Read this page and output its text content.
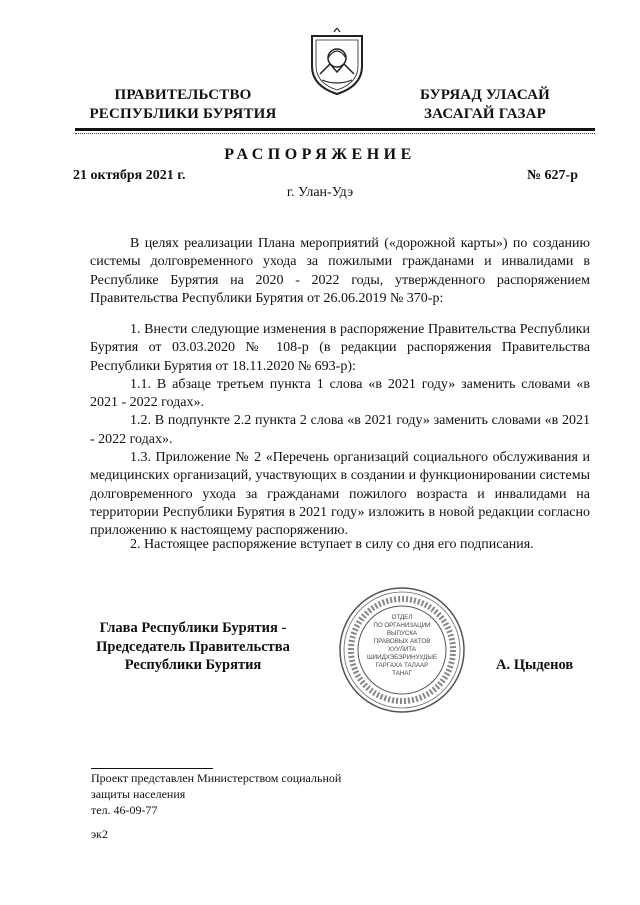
ПРАВИТЕЛЬСТВО
РЕСПУБЛИКИ БУРЯТИЯ
БУРЯАД УЛАСАЙ
ЗАСАГАЙ ГАЗАР
РАСПОРЯЖЕНИЕ
21 октября 2021 г.	№ 627-р
г. Улан-Удэ

В целях реализации Плана мероприятий («дорожной карты») по созданию системы долговременного ухода за пожилыми гражданами и инвалидами в Республике Бурятия на 2020 - 2022 годы, утвержденного распоряжением Правительства Республики Бурятия от 26.06.2019 № 370-р:

1. Внести следующие изменения в распоряжение Правительства Республики Бурятия от 03.03.2020 № 108-р (в редакции распоряжения Правительства Республики Бурятия от 18.11.2020 № 693-р):

1.1. В абзаце третьем пункта 1 слова «в 2021 году» заменить словами «в 2021 - 2022 годах».

1.2. В подпункте 2.2 пункта 2 слова «в 2021 году» заменить словами «в 2021 - 2022 годах».

1.3. Приложение № 2 «Перечень организаций социального обслуживания и медицинских организаций, участвующих в создании и функционировании системы долговременного ухода за гражданами пожилого возраста и инвалидами на территории Республики Бурятия в 2021 году» изложить в новой редакции согласно приложению к настоящему распоряжению.

2. Настоящее распоряжение вступает в силу со дня его подписания.

Глава Республики Бурятия -
Председатель Правительства
Республики Бурятия	А. Цыденов
ОТДЕЛ
ПО ОРГАНИЗАЦИИ
ВЫПУСКА
ПРАВОВЫХ АКТОВ
ХУУЛИТА
ШИИДХЭБЭРИНУУДЫЕ
ГАРГАХА ТАЛААР
ТАНАГ
Проект представлен Министерством социальной
защиты населения
тел. 46-09-77
эк2
